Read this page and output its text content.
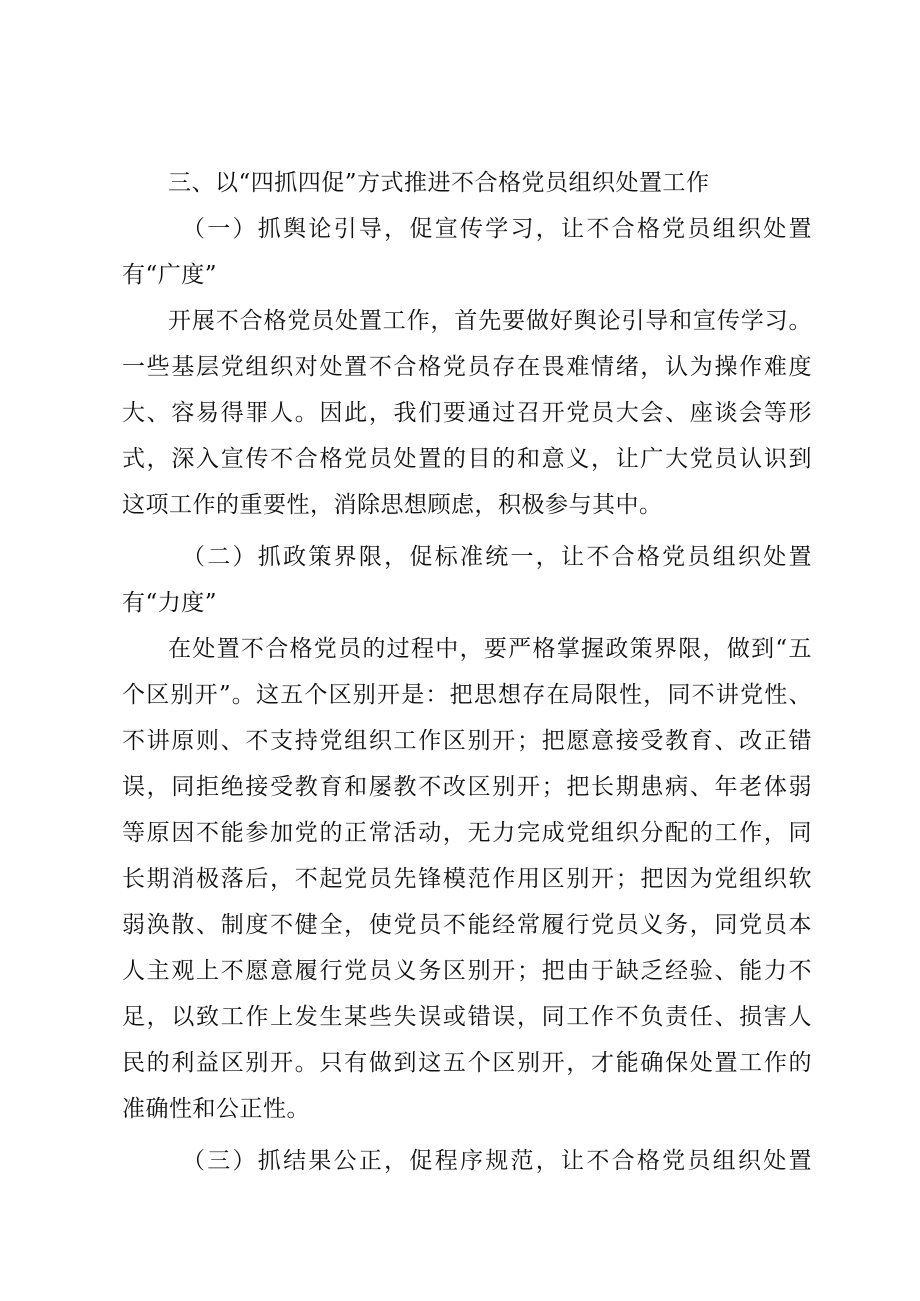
三、以“四抓四促”方式推进不合格党员组织处置工作
（一）抓舆论引导，促宣传学习，让不合格党员组织处置
有“广度”
开展不合格党员处置工作，首先要做好舆论引导和宣传学习。
一些基层党组织对处置不合格党员存在畏难情绪，认为操作难度
大、容易得罪人。因此，我们要通过召开党员大会、座谈会等形
式，深入宣传不合格党员处置的目的和意义，让广大党员认识到
这项工作的重要性，消除思想顾虑，积极参与其中。
（二）抓政策界限，促标准统一，让不合格党员组织处置
有“力度”
在处置不合格党员的过程中，要严格掌握政策界限，做到“五
个区别开”。这五个区别开是：把思想存在局限性，同不讲党性、
不讲原则、不支持党组织工作区别开；把愿意接受教育、改正错
误，同拒绝接受教育和屡教不改区别开；把长期患病、年老体弱
等原因不能参加党的正常活动，无力完成党组织分配的工作，同
长期消极落后，不起党员先锋模范作用区别开；把因为党组织软
弱涣散、制度不健全，使党员不能经常履行党员义务，同党员本
人主观上不愿意履行党员义务区别开；把由于缺乏经验、能力不
足，以致工作上发生某些失误或错误，同工作不负责任、损害人
民的利益区别开。只有做到这五个区别开，才能确保处置工作的
准确性和公正性。
（三）抓结果公正，促程序规范，让不合格党员组织处置
